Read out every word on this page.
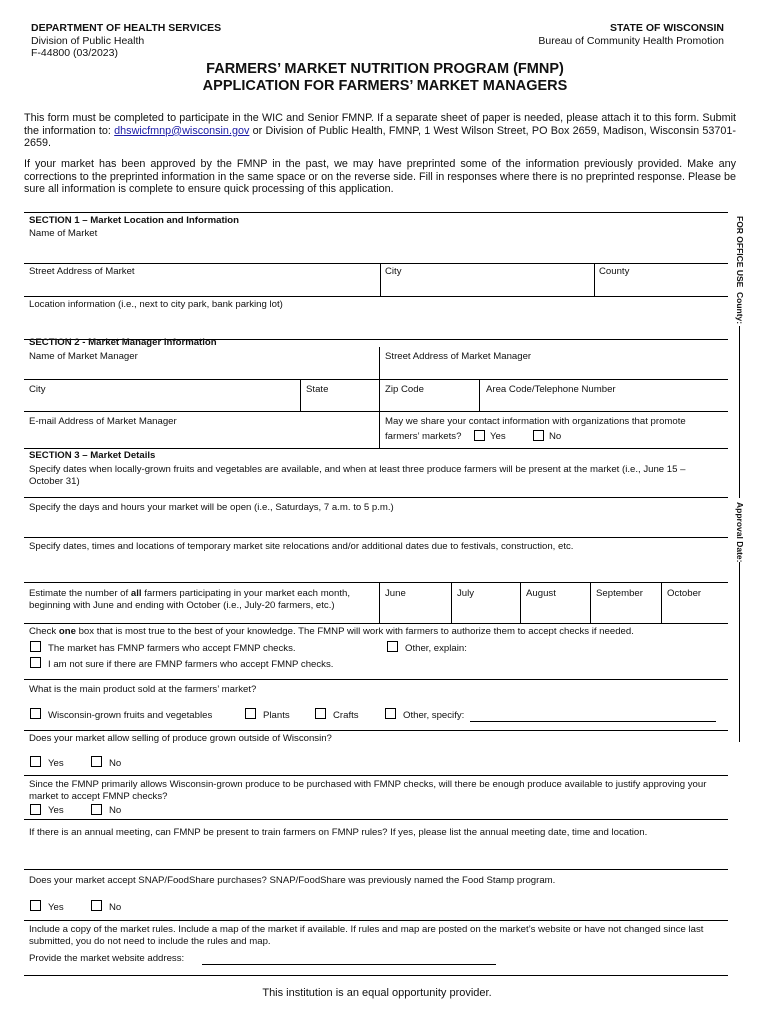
DEPARTMENT OF HEALTH SERVICES
Division of Public Health
F-44800 (03/2023)
STATE OF WISCONSIN
Bureau of Community Health Promotion
FARMERS’ MARKET NUTRITION PROGRAM (FMNP)
APPLICATION FOR FARMERS’ MARKET MANAGERS
This form must be completed to participate in the WIC and Senior FMNP. If a separate sheet of paper is needed, please attach it to this form. Submit the information to: dhswicfmnp@wisconsin.gov or Division of Public Health, FMNP, 1 West Wilson Street, PO Box 2659, Madison, Wisconsin 53701-2659.
If your market has been approved by the FMNP in the past, we may have preprinted some of the information previously provided. Make any corrections to the preprinted information in the same space or on the reverse side. Fill in responses where there is no preprinted response. Please be sure all information is complete to ensure quick processing of this application.
SECTION 1 – Market Location and Information
Name of Market
Street Address of Market	City	County
Location information (i.e., next to city park, bank parking lot)
SECTION 2 - Market Manager Information
Name of Market Manager	Street Address of Market Manager
City	State	Zip Code	Area Code/Telephone Number
E-mail Address of Market Manager	May we share your contact information with organizations that promote
farmers’ markets?	Yes	No
SECTION 3 – Market Details
Specify dates when locally-grown fruits and vegetables are available, and when at least three produce farmers will be present at the market (i.e., June 15 – October 31)
Specify the days and hours your market will be open (i.e., Saturdays, 7 a.m. to 5 p.m.)
Specify dates, times and locations of temporary market site relocations and/or additional dates due to festivals, construction, etc.
Estimate the number of all farmers participating in your market each month,
beginning with June and ending with October (i.e., July-20 farmers, etc.)
June	July	August	September	October
Check one box that is most true to the best of your knowledge. The FMNP will work with farmers to authorize them to accept checks if needed.
The market has FMNP farmers who accept FMNP checks.
I am not sure if there are FMNP farmers who accept FMNP checks.
Other, explain:
What is the main product sold at the farmers’ market?
Wisconsin-grown fruits and vegetables	Plants	Crafts	Other, specify:
Does your market allow selling of produce grown outside of Wisconsin?
Yes	No
Since the FMNP primarily allows Wisconsin-grown produce to be purchased with FMNP checks, will there be enough produce available to justify approving your market to accept FMNP checks?
Yes	No
If there is an annual meeting, can FMNP be present to train farmers on FMNP rules? If yes, please list the annual meeting date, time and location.
Does your market accept SNAP/FoodShare purchases? SNAP/FoodShare was previously named the Food Stamp program.
Yes	No
Include a copy of the market rules. Include a map of the market if available. If rules and map are posted on the market’s website or have not changed since last submitted, you do not need to include the rules and map.
Provide the market website address:
FOR OFFICE USE
County:
Approval Date:
This institution is an equal opportunity provider.
